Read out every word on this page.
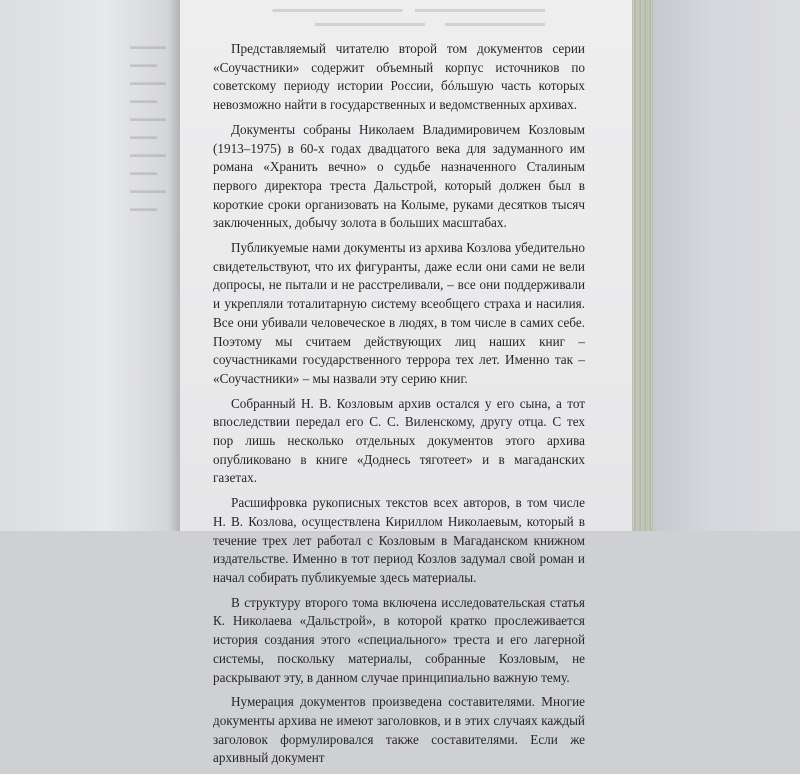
▬▬▬▬
▬▬▬
▬▬▬▬
▬▬▬
▬▬▬▬
▬▬▬
▬▬▬▬
▬▬▬
▬▬▬▬
▬▬▬
▬▬▬▬▬▬▬▬▬▬▬▬▬     ▬▬▬▬▬▬▬▬▬▬▬▬▬
▬▬▬▬▬▬▬▬▬▬        ▬▬▬▬▬▬▬▬▬▬▬

Представляемый читателю второй том документов серии «Соучастники» содержит объемный корпус источников по советскому периоду истории России, бóльшую часть которых невозможно найти в государственных и ведомственных архивах.

Документы собраны Николаем Владимировичем Козловым (1913–1975) в 60-х годах двадцатого века для задуманного им романа «Хранить вечно» о судьбе назначенного Сталиным первого директора треста Дальстрой, который должен был в короткие сроки организовать на Колыме, руками десятков тысяч заключенных, добычу золота в больших масштабах.

Публикуемые нами документы из архива Козлова убедительно свидетельствуют, что их фигуранты, даже если они сами не вели допросы, не пытали и не расстреливали, – все они поддерживали и укрепляли тоталитарную систему всеобщего страха и насилия. Все они убивали человеческое в людях, в том числе в самих себе. Поэтому мы считаем действующих лиц наших книг – соучастниками государственного террора тех лет. Именно так – «Соучастники» – мы назвали эту серию книг.

Собранный Н. В. Козловым архив остался у его сына, а тот впоследствии передал его С. С. Виленскому, другу отца. С тех пор лишь несколько отдельных документов этого архива опубликовано в книге «Доднесь тяготеет» и в магаданских газетах.

Расшифровка рукописных текстов всех авторов, в том числе Н. В. Козлова, осуществлена Кириллом Николаевым, который в течение трех лет работал с Козловым в Магаданском книжном издательстве. Именно в тот период Козлов задумал свой роман и начал собирать публикуемые здесь материалы.

В структуру второго тома включена исследовательская статья К. Николаева «Дальстрой», в которой кратко прослеживается история создания этого «специального» треста и его лагерной системы, поскольку материалы, собранные Козловым, не раскрывают эту, в данном случае принципиально важную тему.

Нумерация документов произведена составителями. Многие документы архива не имеют заголовков, и в этих случаях каждый заголовок формулировался также составителями. Если же архивный документ
